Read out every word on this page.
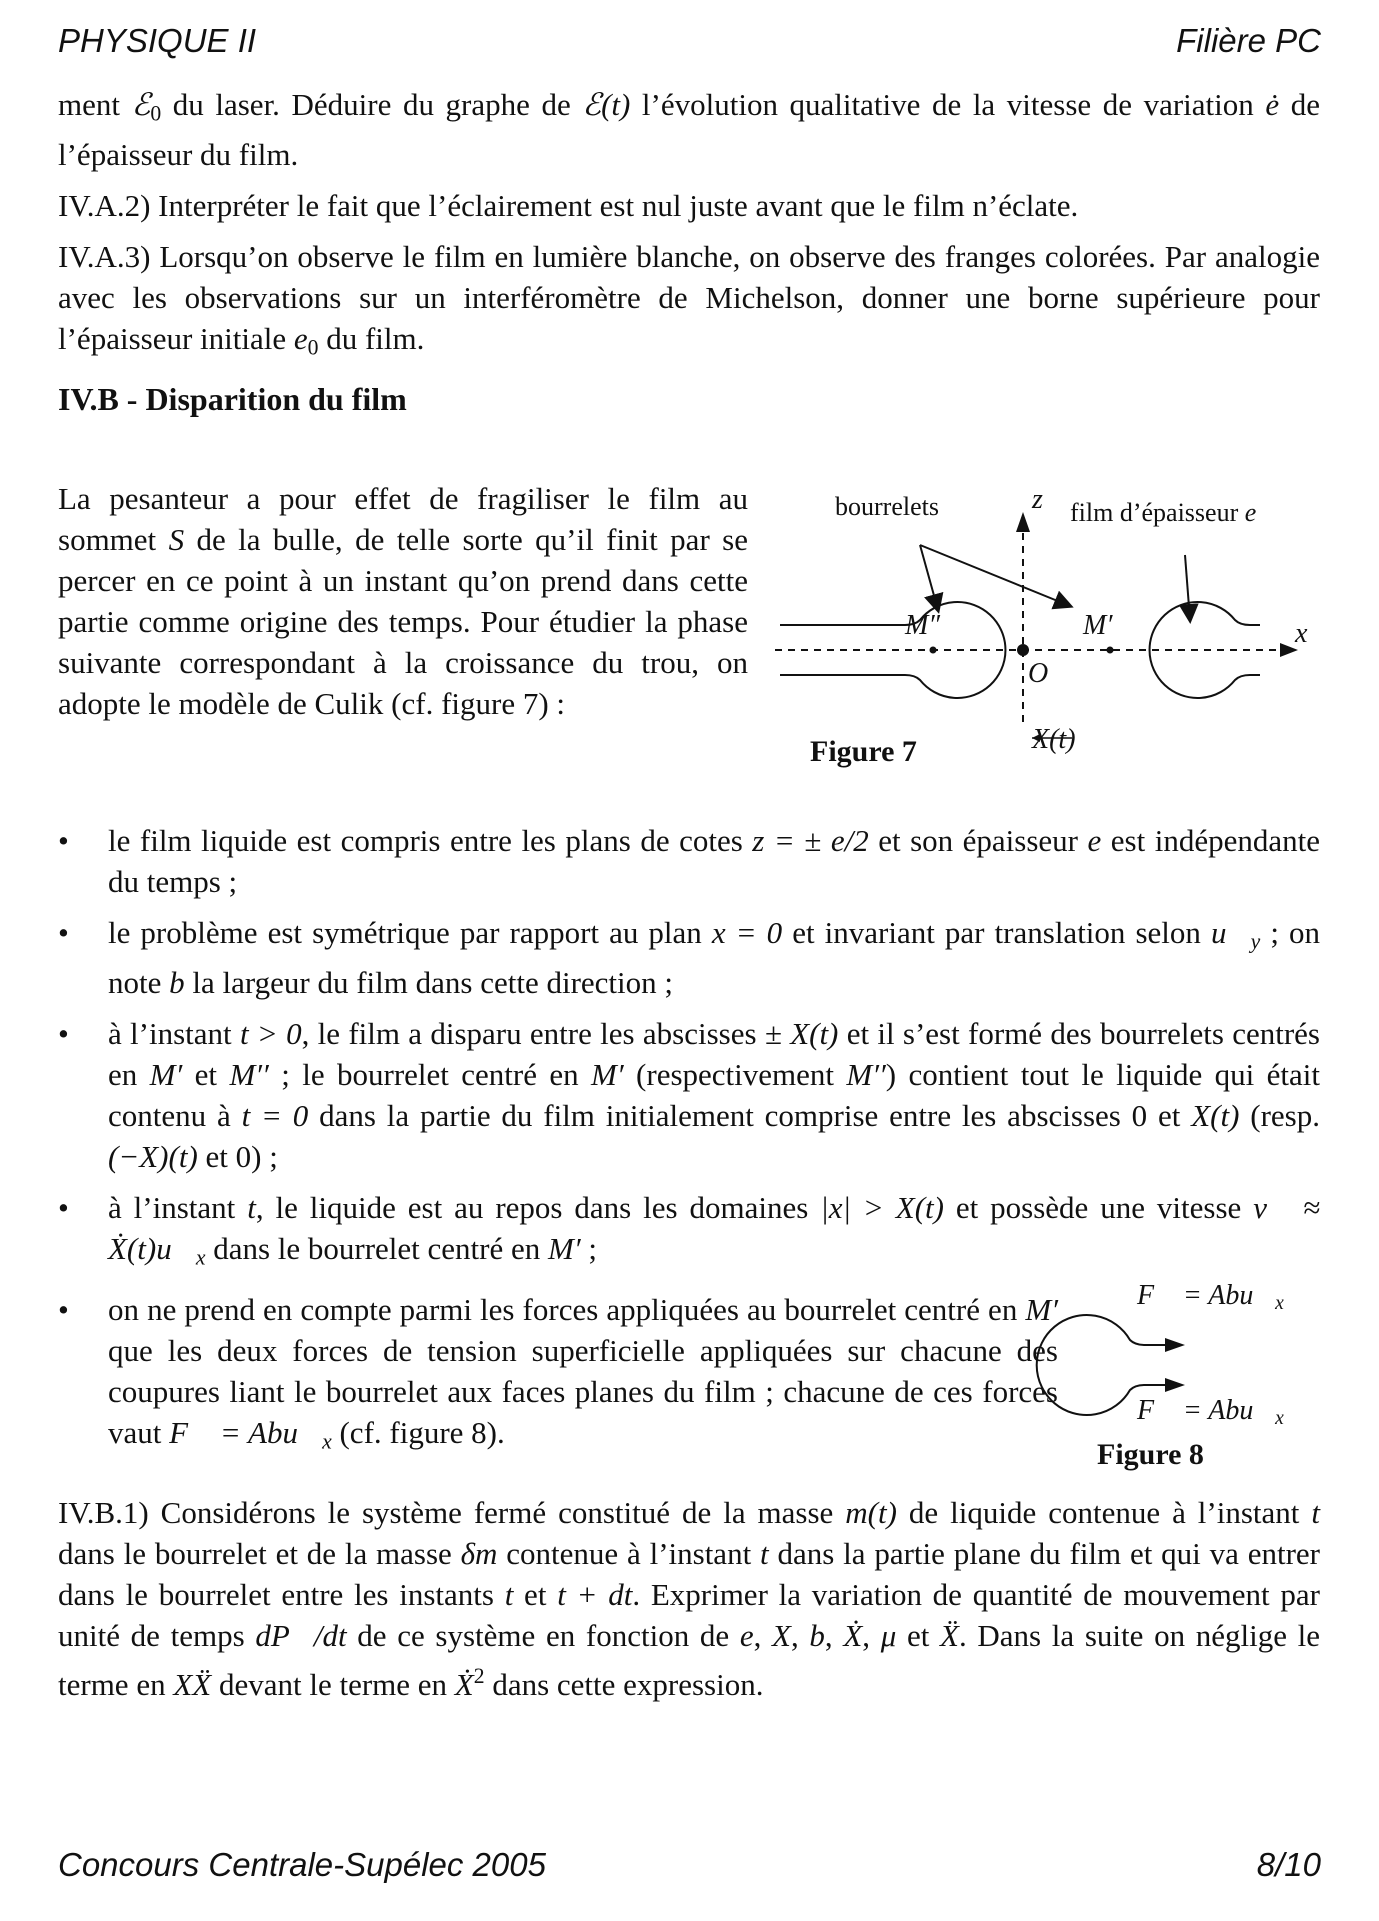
PHYSIQUE II	Filière PC

ment ℰ$_0$ du laser. Déduire du graphe de ℰ(t) l’évolution qualitative de la vitesse de variation ė de l’épaisseur du film.

IV.A.2) Interpréter le fait que l’éclairement est nul juste avant que le film n’éclate.

IV.A.3) Lorsqu’on observe le film en lumière blanche, on observe des franges colorées. Par analogie avec les observations sur un interféromètre de Michelson, donner une borne supérieure pour l’épaisseur initiale $e_0$ du film.

IV.B - Disparition du film

La pesanteur a pour effet de fragiliser le film au sommet S de la bulle, de telle sorte qu’il finit par se percer en ce point à un instant qu’on prend dans cette partie comme origine des temps. Pour étudier la phase suivante correspondant à la croissance du trou, on adopte le modèle de Culik (cf. figure 7) :

bourrelets	film d’épaisseur e
z
x
O
M″	M′
X(t)
Figure 7
• le film liquide est compris entre les plans de cotes z = ± e/2 et son épaisseur e est indépendante du temps ;
• le problème est symétrique par rapport au plan x = 0 et invariant par translation selon $u⃗_y$ ; on note b la largeur du film dans cette direction ;
• à l’instant t > 0, le film a disparu entre les abscisses ± X(t) et il s’est formé des bourrelets centrés en M′ et M′′ ; le bourrelet centré en M′ (respectivement M′′) contient tout le liquide qui était contenu à t = 0 dans la partie du film initialement comprise entre les abscisses 0 et X(t) (resp. (−X)(t) et 0) ;
• à l’instant t, le liquide est au repos dans les domaines |x| > X(t) et possède une vitesse v⃗ ≈ $Ẋ(t)u⃗_x$ dans le bourrelet centré en M′ ;
• on ne prend en compte parmi les forces appliquées au bourrelet centré en M′ que les deux forces de tension superficielle appliquées sur chacune des coupures liant le bourrelet aux faces planes du film ; chacune de ces forces vaut F⃗ = $Abu⃗_x$ (cf. figure 8).
F⃗ = $Abu⃗_x$
F⃗ = $Abu⃗_x$
Figure 8

IV.B.1) Considérons le système fermé constitué de la masse m(t) de liquide contenue à l’instant t dans le bourrelet et de la masse δm contenue à l’instant t dans la partie plane du film et qui va entrer dans le bourrelet entre les instants t et t + dt. Exprimer la variation de quantité de mouvement par unité de temps dP⃗/dt de ce système en fonction de e, X, b, Ẋ, μ et Ẍ. Dans la suite on néglige le terme en XẌ devant le terme en Ẋ$^2$ dans cette expression.

Concours Centrale-Supélec 2005	8/10
